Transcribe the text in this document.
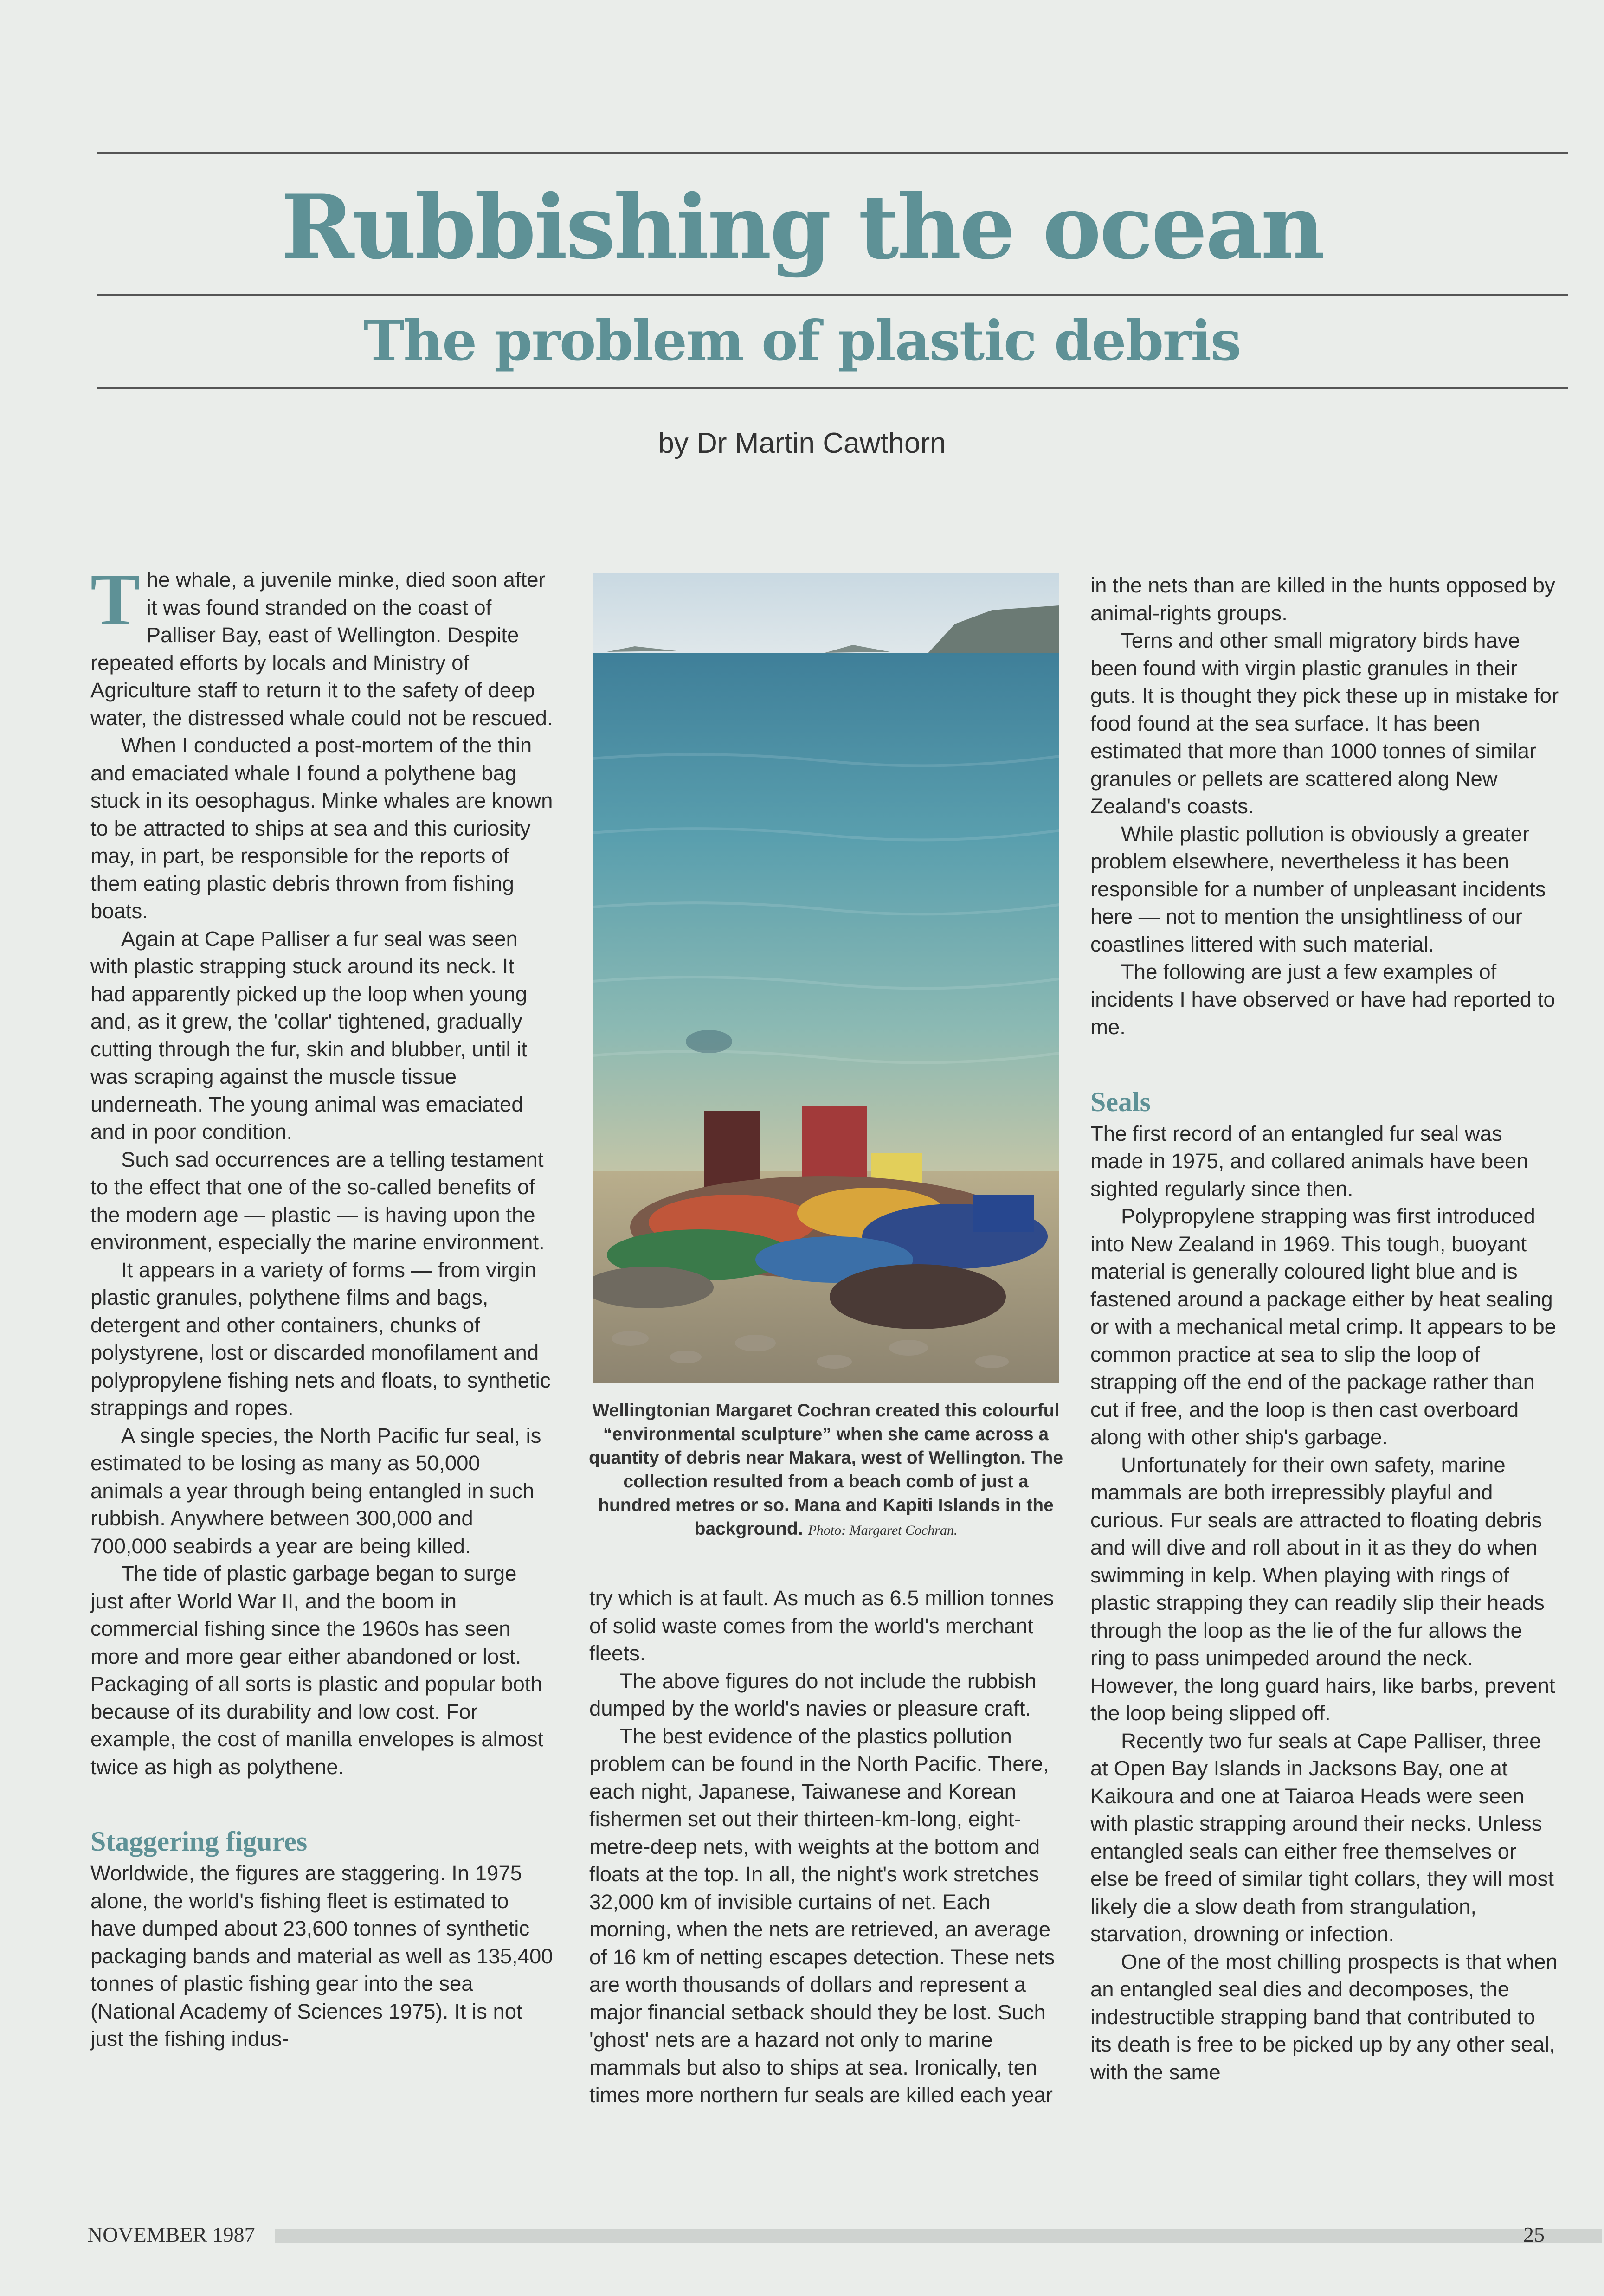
Rubbishing the ocean
The problem of plastic debris
by Dr Martin Cawthorn

The whale, a juvenile minke, died soon after it was found stranded on the coast of Palliser Bay, east of Wellington. Despite repeated efforts by locals and Ministry of Agriculture staff to return it to the safety of deep water, the distressed whale could not be rescued.

When I conducted a post-mortem of the thin and emaciated whale I found a polythene bag stuck in its oesophagus. Minke whales are known to be attracted to ships at sea and this curiosity may, in part, be responsible for the reports of them eating plastic debris thrown from fishing boats.

Again at Cape Palliser a fur seal was seen with plastic strapping stuck around its neck. It had apparently picked up the loop when young and, as it grew, the 'collar' tightened, gradually cutting through the fur, skin and blubber, until it was scraping against the muscle tissue underneath. The young animal was emaciated and in poor condition.

Such sad occurrences are a telling testament to the effect that one of the so-called benefits of the modern age — plastic — is having upon the environment, especially the marine environment.

It appears in a variety of forms — from virgin plastic granules, polythene films and bags, detergent and other containers, chunks of polystyrene, lost or discarded monofilament and polypropylene fishing nets and floats, to synthetic strappings and ropes.

A single species, the North Pacific fur seal, is estimated to be losing as many as 50,000 animals a year through being entangled in such rubbish. Anywhere between 300,000 and 700,000 seabirds a year are being killed.

The tide of plastic garbage began to surge just after World War II, and the boom in commercial fishing since the 1960s has seen more and more gear either abandoned or lost. Packaging of all sorts is plastic and popular both because of its durability and low cost. For example, the cost of manilla envelopes is almost twice as high as polythene.

Staggering figures

Worldwide, the figures are staggering. In 1975 alone, the world's fishing fleet is estimated to have dumped about 23,600 tonnes of synthetic packaging bands and material as well as 135,400 tonnes of plastic fishing gear into the sea (National Academy of Sciences 1975). It is not just the fishing indus-

Wellingtonian Margaret Cochran created this colourful “environmental sculpture” when she came across a quantity of debris near Makara, west of Wellington. The collection resulted from a beach comb of just a hundred metres or so. Mana and Kapiti Islands in the background. Photo: Margaret Cochran.

try which is at fault. As much as 6.5 million tonnes of solid waste comes from the world's merchant fleets.

The above figures do not include the rubbish dumped by the world's navies or pleasure craft.

The best evidence of the plastics pollution problem can be found in the North Pacific. There, each night, Japanese, Taiwanese and Korean fishermen set out their thirteen-km-long, eight-metre-deep nets, with weights at the bottom and floats at the top. In all, the night's work stretches 32,000 km of invisible curtains of net. Each morning, when the nets are retrieved, an average of 16 km of netting escapes detection. These nets are worth thousands of dollars and represent a major financial setback should they be lost. Such 'ghost' nets are a hazard not only to marine mammals but also to ships at sea. Ironically, ten times more northern fur seals are killed each year

in the nets than are killed in the hunts opposed by animal-rights groups.

Terns and other small migratory birds have been found with virgin plastic granules in their guts. It is thought they pick these up in mistake for food found at the sea surface. It has been estimated that more than 1000 tonnes of similar granules or pellets are scattered along New Zealand's coasts.

While plastic pollution is obviously a greater problem elsewhere, nevertheless it has been responsible for a number of unpleasant incidents here — not to mention the unsightliness of our coastlines littered with such material.

The following are just a few examples of incidents I have observed or have had reported to me.

Seals

The first record of an entangled fur seal was made in 1975, and collared animals have been sighted regularly since then.

Polypropylene strapping was first introduced into New Zealand in 1969. This tough, buoyant material is generally coloured light blue and is fastened around a package either by heat sealing or with a mechanical metal crimp. It appears to be common practice at sea to slip the loop of strapping off the end of the package rather than cut if free, and the loop is then cast overboard along with other ship's garbage.

Unfortunately for their own safety, marine mammals are both irrepressibly playful and curious. Fur seals are attracted to floating debris and will dive and roll about in it as they do when swimming in kelp. When playing with rings of plastic strapping they can readily slip their heads through the loop as the lie of the fur allows the ring to pass unimpeded around the neck. However, the long guard hairs, like barbs, prevent the loop being slipped off.

Recently two fur seals at Cape Palliser, three at Open Bay Islands in Jacksons Bay, one at Kaikoura and one at Taiaroa Heads were seen with plastic strapping around their necks. Unless entangled seals can either free themselves or else be freed of similar tight collars, they will most likely die a slow death from strangulation, starvation, drowning or infection.

One of the most chilling prospects is that when an entangled seal dies and decomposes, the indestructible strapping band that contributed to its death is free to be picked up by any other seal, with the same

NOVEMBER 1987	25
